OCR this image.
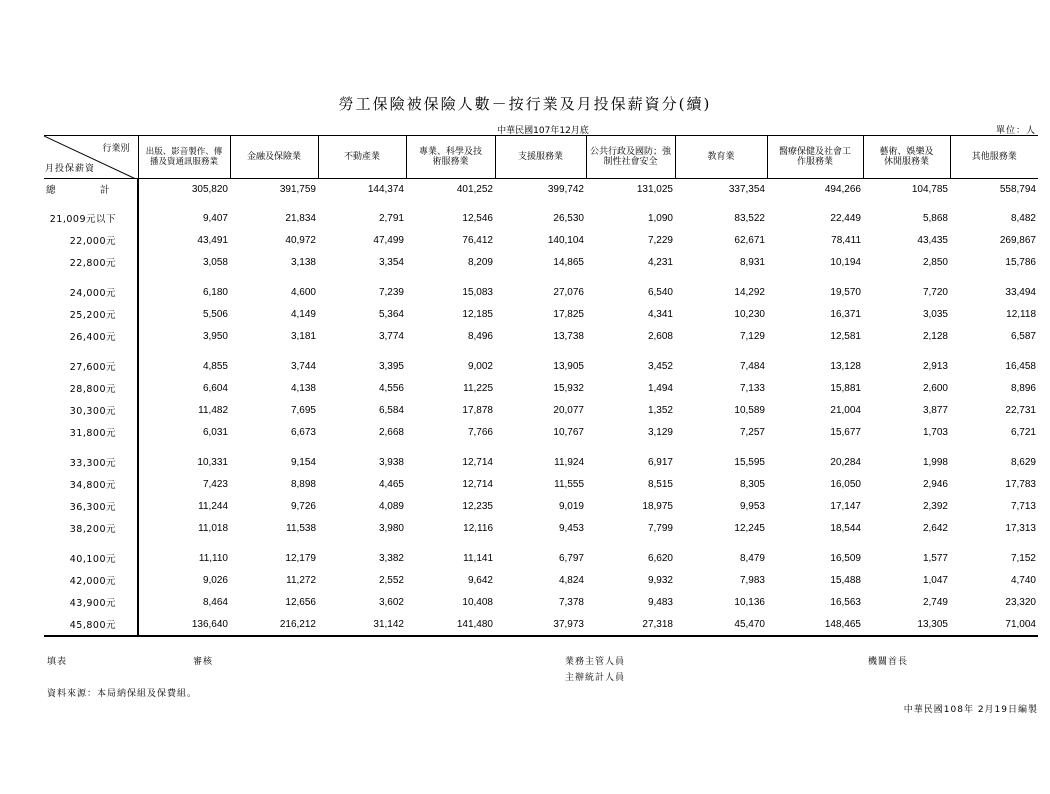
勞工保險被保險人數－按行業及月投保薪資分(續)
中華民國107年12月底	單位：人
行業別
月投保薪資	出版、影音製作、傳播及資通訊服務業	金融及保險業	不動產業	專業、科學及技術服務業	支援服務業	公共行政及國防；強制性社會安全	教育業	醫療保健及社會工作服務業	藝術、娛樂及休閒服務業	其他服務業

總 計	305,820	391,759	144,374	401,252	399,742	131,025	337,354	494,266	104,785	558,794

21,009元以下	9,407	21,834	2,791	12,546	26,530	1,090	83,522	22,449	5,868	8,482
22,000元	43,491	40,972	47,499	76,412	140,104	7,229	62,671	78,411	43,435	269,867
22,800元	3,058	3,138	3,354	8,209	14,865	4,231	8,931	10,194	2,850	15,786

24,000元	6,180	4,600	7,239	15,083	27,076	6,540	14,292	19,570	7,720	33,494
25,200元	5,506	4,149	5,364	12,185	17,825	4,341	10,230	16,371	3,035	12,118
26,400元	3,950	3,181	3,774	8,496	13,738	2,608	7,129	12,581	2,128	6,587

27,600元	4,855	3,744	3,395	9,002	13,905	3,452	7,484	13,128	2,913	16,458
28,800元	6,604	4,138	4,556	11,225	15,932	1,494	7,133	15,881	2,600	8,896
30,300元	11,482	7,695	6,584	17,878	20,077	1,352	10,589	21,004	3,877	22,731
31,800元	6,031	6,673	2,668	7,766	10,767	3,129	7,257	15,677	1,703	6,721

33,300元	10,331	9,154	3,938	12,714	11,924	6,917	15,595	20,284	1,998	8,629
34,800元	7,423	8,898	4,465	12,714	11,555	8,515	8,305	16,050	2,946	17,783
36,300元	11,244	9,726	4,089	12,235	9,019	18,975	9,953	17,147	2,392	7,713
38,200元	11,018	11,538	3,980	12,116	9,453	7,799	12,245	18,544	2,642	17,313

40,100元	11,110	12,179	3,382	11,141	6,797	6,620	8,479	16,509	1,577	7,152
42,000元	9,026	11,272	2,552	9,642	4,824	9,932	7,983	15,488	1,047	4,740
43,900元	8,464	12,656	3,602	10,408	7,378	9,483	10,136	16,563	2,749	23,320
45,800元	136,640	216,212	31,142	141,480	37,973	27,318	45,470	148,465	13,305	71,004
填表	審核	業務主管人員
主辦統計人員
機關首長
資料來源：本局納保組及保費組。
中華民國108年 2月19日編製
